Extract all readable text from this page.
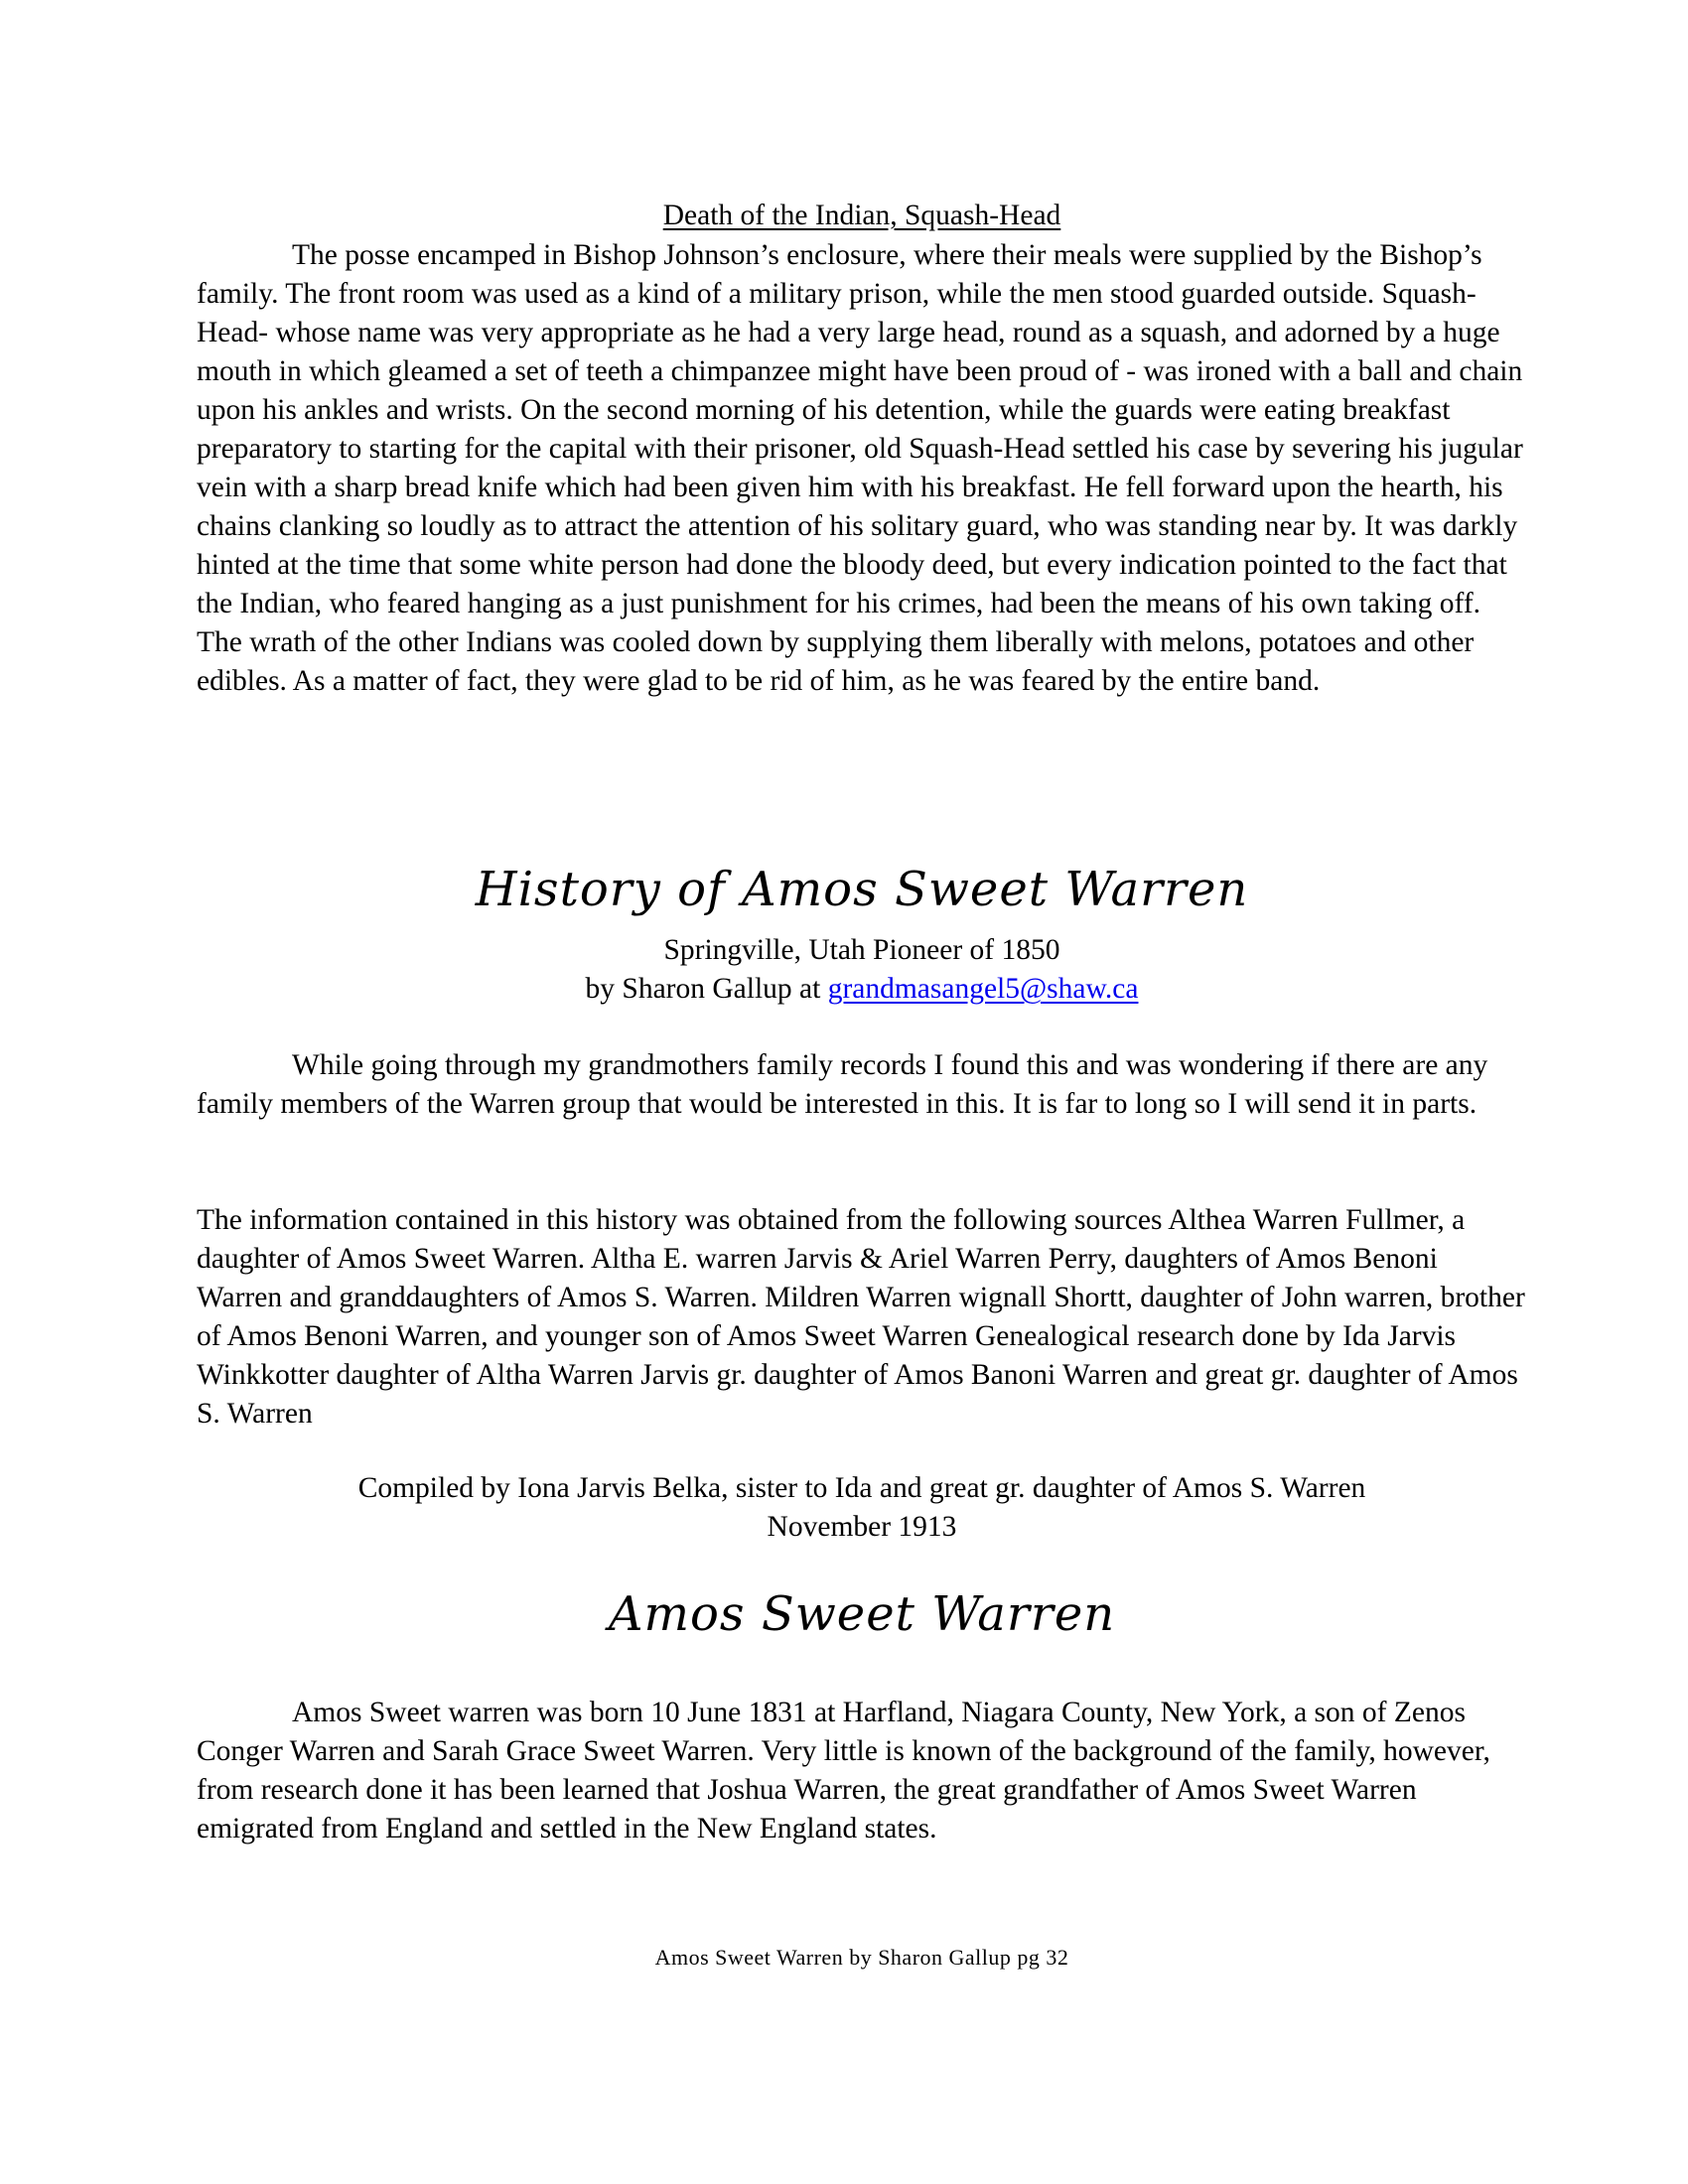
Death of the Indian, Squash-Head
The posse encamped in Bishop Johnson’s enclosure, where their meals were supplied by the Bishop’s family. The front room was used as a kind of a military prison, while the men stood guarded outside. Squash-Head- whose name was very appropriate as he had a very large head, round as a squash, and adorned by a huge mouth in which gleamed a set of teeth a chimpanzee might have been proud of - was ironed with a ball and chain upon his ankles and wrists. On the second morning of his detention, while the guards were eating breakfast preparatory to starting for the capital with their prisoner, old Squash-Head settled his case by severing his jugular vein with a sharp bread knife which had been given him with his breakfast. He fell forward upon the hearth, his chains clanking so loudly as to attract the attention of his solitary guard, who was standing near by. It was darkly hinted at the time that some white person had done the bloody deed, but every indication pointed to the fact that the Indian, who feared hanging as a just punishment for his crimes, had been the means of his own taking off. The wrath of the other Indians was cooled down by supplying them liberally with melons, potatoes and other edibles. As a matter of fact, they were glad to be rid of him, as he was feared by the entire band.
History of Amos Sweet Warren
Springville, Utah Pioneer of 1850
by Sharon Gallup at grandmasangel5@shaw.ca
While going through my grandmothers family records I found this and was wondering if there are any family members of the Warren group that would be interested in this. It is far to long so I will send it in parts.
The information contained in this history was obtained from the following sources Althea Warren Fullmer, a daughter of Amos Sweet Warren. Altha E. warren Jarvis & Ariel Warren Perry, daughters of Amos Benoni Warren and granddaughters of Amos S. Warren. Mildren Warren wignall Shortt, daughter of John warren, brother of Amos Benoni Warren, and younger son of Amos Sweet Warren Genealogical research done by Ida Jarvis Winkkotter daughter of Altha Warren Jarvis gr. daughter of Amos Banoni Warren and great gr. daughter of Amos S. Warren
Compiled by Iona Jarvis Belka, sister to Ida and great gr. daughter of Amos S. Warren
November 1913
Amos Sweet Warren
Amos Sweet warren was born 10 June 1831 at Harfland, Niagara County, New York, a son of Zenos Conger Warren and Sarah Grace Sweet Warren. Very little is known of the background of the family, however, from research done it has been learned that Joshua Warren, the great grandfather of Amos Sweet Warren emigrated from England and settled in the New England states.
Amos Sweet Warren by Sharon Gallup pg 32
